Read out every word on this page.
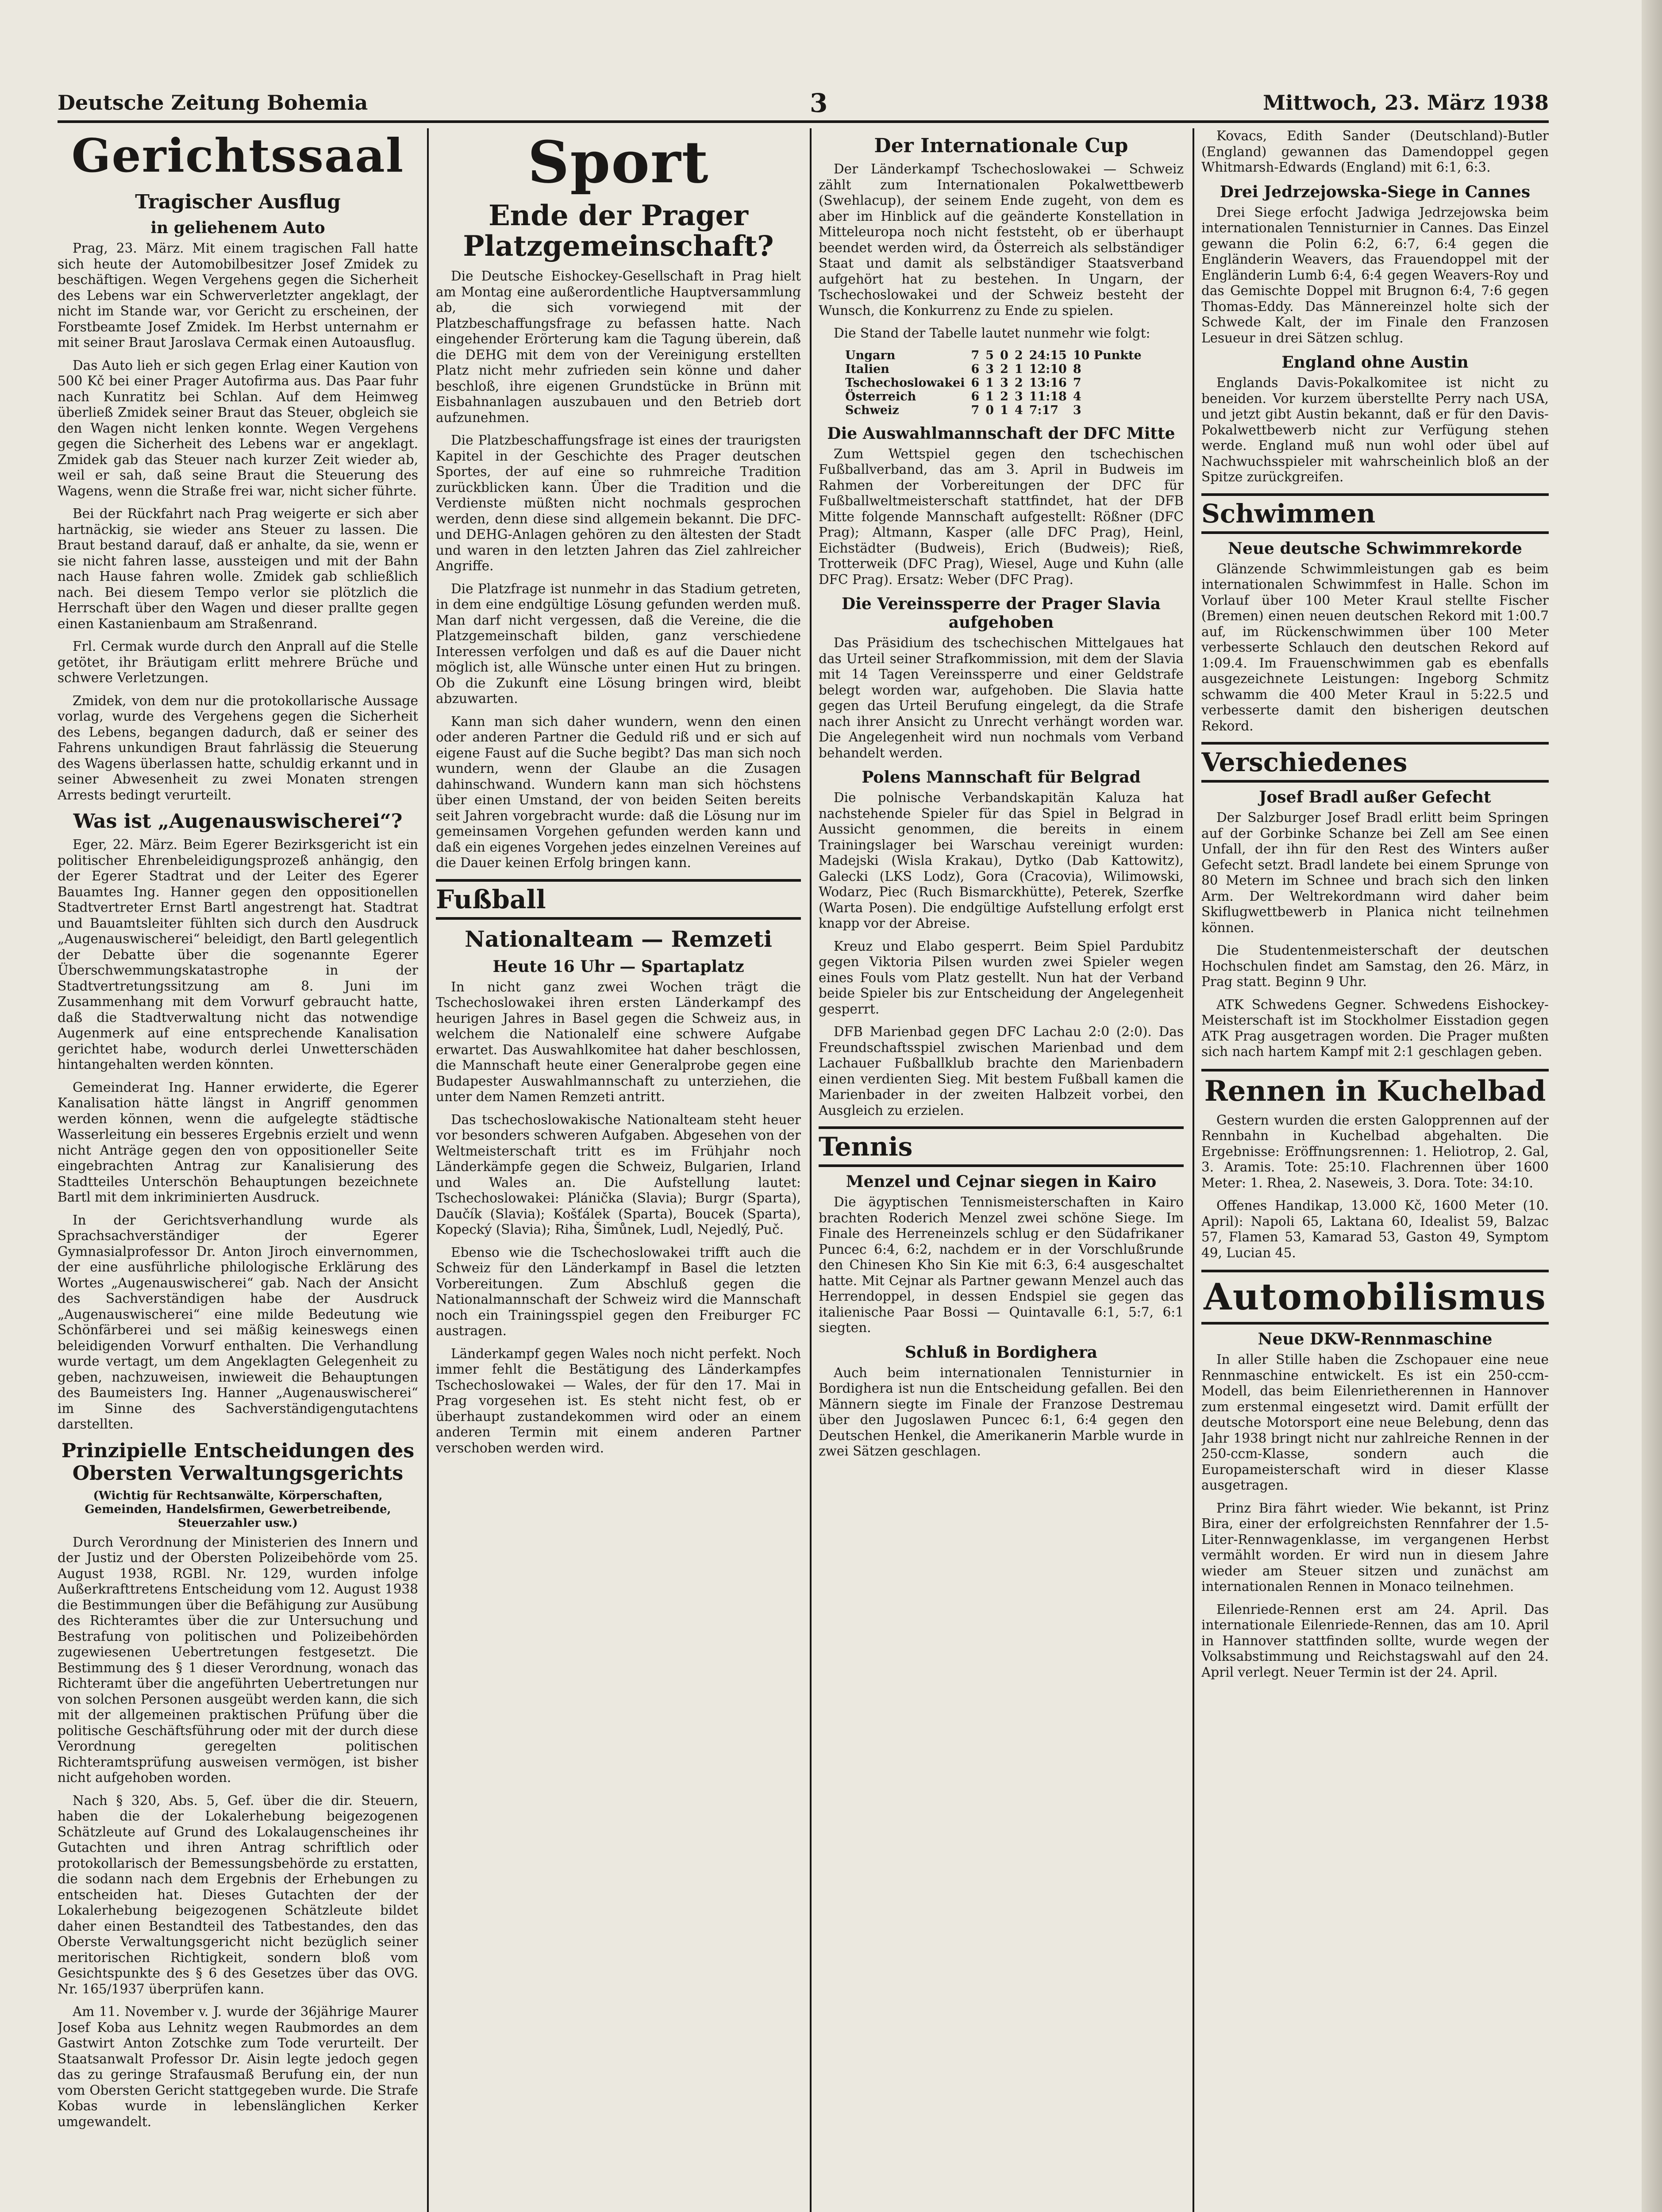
Deutsche Zeitung Bohemia	3	Mittwoch, 23. März 1938
Gerichtssaal
Tragischer Ausflug
in geliehenem Auto

Prag, 23. März. Mit einem tragischen Fall hatte sich heute der Automobilbesitzer Josef Zmidek zu beschäftigen. Wegen Vergehens gegen die Sicherheit des Lebens war ein Schwerverletzter angeklagt, der nicht im Stande war, vor Gericht zu erscheinen, der Forstbeamte Josef Zmidek. Im Herbst unternahm er mit seiner Braut Jaroslava Cermak einen Autoausflug.

Das Auto lieh er sich gegen Erlag einer Kaution von 500 Kč bei einer Prager Autofirma aus. Das Paar fuhr nach Kunratitz bei Schlan. Auf dem Heimweg überließ Zmidek seiner Braut das Steuer, obgleich sie den Wagen nicht lenken konnte. Wegen Vergehens gegen die Sicherheit des Lebens war er angeklagt. Zmidek gab das Steuer nach kurzer Zeit wieder ab, weil er sah, daß seine Braut die Steuerung des Wagens, wenn die Straße frei war, nicht sicher führte.

Bei der Rückfahrt nach Prag weigerte er sich aber hartnäckig, sie wieder ans Steuer zu lassen. Die Braut bestand darauf, daß er anhalte, da sie, wenn er sie nicht fahren lasse, aussteigen und mit der Bahn nach Hause fahren wolle. Zmidek gab schließlich nach. Bei diesem Tempo verlor sie plötzlich die Herrschaft über den Wagen und dieser prallte gegen einen Kastanienbaum am Straßenrand.

Frl. Cermak wurde durch den Anprall auf die Stelle getötet, ihr Bräutigam erlitt mehrere Brüche und schwere Verletzungen.

Zmidek, von dem nur die protokollarische Aussage vorlag, wurde des Vergehens gegen die Sicherheit des Lebens, begangen dadurch, daß er seiner des Fahrens unkundigen Braut fahrlässig die Steuerung des Wagens überlassen hatte, schuldig erkannt und in seiner Abwesenheit zu zwei Monaten strengen Arrests bedingt verurteilt.

Was ist „Augenauswischerei“?

Eger, 22. März. Beim Egerer Bezirksgericht ist ein politischer Ehrenbeleidigungsprozeß anhängig, den der Egerer Stadtrat und der Leiter des Egerer Bauamtes Ing. Hanner gegen den oppositionellen Stadtvertreter Ernst Bartl angestrengt hat. Stadtrat und Bauamtsleiter fühlten sich durch den Ausdruck „Augenauswischerei“ beleidigt, den Bartl gelegentlich der Debatte über die sogenannte Egerer Überschwemmungskatastrophe in der Stadtvertretungssitzung am 8. Juni im Zusammenhang mit dem Vorwurf gebraucht hatte, daß die Stadtverwaltung nicht das notwendige Augenmerk auf eine entsprechende Kanalisation gerichtet habe, wodurch derlei Unwetterschäden hintangehalten werden könnten.

Gemeinderat Ing. Hanner erwiderte, die Egerer Kanalisation hätte längst in Angriff genommen werden können, wenn die aufgelegte städtische Wasserleitung ein besseres Ergebnis erzielt und wenn nicht Anträge gegen den von oppositioneller Seite eingebrachten Antrag zur Kanalisierung des Stadtteiles Unterschön Behauptungen bezeichnete Bartl mit dem inkriminierten Ausdruck.

In der Gerichtsverhandlung wurde als Sprachsachverständiger der Egerer Gymnasialprofessor Dr. Anton Jiroch einvernommen, der eine ausführliche philologische Erklärung des Wortes „Augenauswischerei“ gab. Nach der Ansicht des Sachverständigen habe der Ausdruck „Augenauswischerei“ eine milde Bedeutung wie Schönfärberei und sei mäßig keineswegs einen beleidigenden Vorwurf enthalten. Die Verhandlung wurde vertagt, um dem Angeklagten Gelegenheit zu geben, nachzuweisen, inwieweit die Behauptungen des Baumeisters Ing. Hanner „Augenauswischerei“ im Sinne des Sachverständigengutachtens darstellten.

Prinzipielle Entscheidungen des Obersten Verwaltungsgerichts
(Wichtig für Rechtsanwälte, Körperschaften, Gemeinden, Handelsfirmen, Gewerbetreibende, Steuerzahler usw.)

Durch Verordnung der Ministerien des Innern und der Justiz und der Obersten Polizeibehörde vom 25. August 1938, RGBl. Nr. 129, wurden infolge Außerkrafttretens Entscheidung vom 12. August 1938 die Bestimmungen über die Befähigung zur Ausübung des Richteramtes über die zur Untersuchung und Bestrafung von politischen und Polizeibehörden zugewiesenen Uebertretungen festgesetzt. Die Bestimmung des § 1 dieser Verordnung, wonach das Richteramt über die angeführten Uebertretungen nur von solchen Personen ausgeübt werden kann, die sich mit der allgemeinen praktischen Prüfung über die politische Geschäftsführung oder mit der durch diese Verordnung geregelten politischen Richteramtsprüfung ausweisen vermögen, ist bisher nicht aufgehoben worden.

Nach § 320, Abs. 5, Gef. über die dir. Steuern, haben die der Lokalerhebung beigezogenen Schätzleute auf Grund des Lokalaugenscheines ihr Gutachten und ihren Antrag schriftlich oder protokollarisch der Bemessungsbehörde zu erstatten, die sodann nach dem Ergebnis der Erhebungen zu entscheiden hat. Dieses Gutachten der der Lokalerhebung beigezogenen Schätzleute bildet daher einen Bestandteil des Tatbestandes, den das Oberste Verwaltungsgericht nicht bezüglich seiner meritorischen Richtigkeit, sondern bloß vom Gesichtspunkte des § 6 des Gesetzes über das OVG. Nr. 165/1937 überprüfen kann.

Am 11. November v. J. wurde der 36jährige Maurer Josef Koba aus Lehnitz wegen Raubmordes an dem Gastwirt Anton Zotschke zum Tode verurteilt. Der Staatsanwalt Professor Dr. Aisin legte jedoch gegen das zu geringe Strafausmaß Berufung ein, der nun vom Obersten Gericht stattgegeben wurde. Die Strafe Kobas wurde in lebenslänglichen Kerker umgewandelt.

Sport
Ende der Prager Platzgemeinschaft?

Die Deutsche Eishockey-Gesellschaft in Prag hielt am Montag eine außerordentliche Hauptversammlung ab, die sich vorwiegend mit der Platzbeschaffungsfrage zu befassen hatte. Nach eingehender Erörterung kam die Tagung überein, daß die DEHG mit dem von der Vereinigung erstellten Platz nicht mehr zufrieden sein könne und daher beschloß, ihre eigenen Grundstücke in Brünn mit Eisbahnanlagen auszubauen und den Betrieb dort aufzunehmen.

Die Platzbeschaffungsfrage ist eines der traurigsten Kapitel in der Geschichte des Prager deutschen Sportes, der auf eine so ruhmreiche Tradition zurückblicken kann. Über die Tradition und die Verdienste müßten nicht nochmals gesprochen werden, denn diese sind allgemein bekannt. Die DFC- und DEHG-Anlagen gehören zu den ältesten der Stadt und waren in den letzten Jahren das Ziel zahlreicher Angriffe.

Die Platzfrage ist nunmehr in das Stadium getreten, in dem eine endgültige Lösung gefunden werden muß. Man darf nicht vergessen, daß die Vereine, die die Platzgemeinschaft bilden, ganz verschiedene Interessen verfolgen und daß es auf die Dauer nicht möglich ist, alle Wünsche unter einen Hut zu bringen. Ob die Zukunft eine Lösung bringen wird, bleibt abzuwarten.

Kann man sich daher wundern, wenn den einen oder anderen Partner die Geduld riß und er sich auf eigene Faust auf die Suche begibt? Das man sich noch wundern, wenn der Glaube an die Zusagen dahinschwand. Wundern kann man sich höchstens über einen Umstand, der von beiden Seiten bereits seit Jahren vorgebracht wurde: daß die Lösung nur im gemeinsamen Vorgehen gefunden werden kann und daß ein eigenes Vorgehen jedes einzelnen Vereines auf die Dauer keinen Erfolg bringen kann.

Fußball
Nationalteam — Remzeti
Heute 16 Uhr — Spartaplatz

In nicht ganz zwei Wochen trägt die Tschechoslowakei ihren ersten Länderkampf des heurigen Jahres in Basel gegen die Schweiz aus, in welchem die Nationalelf eine schwere Aufgabe erwartet. Das Auswahlkomitee hat daher beschlossen, die Mannschaft heute einer Generalprobe gegen eine Budapester Auswahlmannschaft zu unterziehen, die unter dem Namen Remzeti antritt.

Das tschechoslowakische Nationalteam steht heuer vor besonders schweren Aufgaben. Abgesehen von der Weltmeisterschaft tritt es im Frühjahr noch Länderkämpfe gegen die Schweiz, Bulgarien, Irland und Wales an. Die Aufstellung lautet: Tschechoslowakei: Plánička (Slavia); Burgr (Sparta), Daučík (Slavia); Košťálek (Sparta), Boucek (Sparta), Kopecký (Slavia); Riha, Šimůnek, Ludl, Nejedlý, Puč.

Ebenso wie die Tschechoslowakei trifft auch die Schweiz für den Länderkampf in Basel die letzten Vorbereitungen. Zum Abschluß gegen die Nationalmannschaft der Schweiz wird die Mannschaft noch ein Trainingsspiel gegen den Freiburger FC austragen.

Länderkampf gegen Wales noch nicht perfekt. Noch immer fehlt die Bestätigung des Länderkampfes Tschechoslowakei — Wales, der für den 17. Mai in Prag vorgesehen ist. Es steht nicht fest, ob er überhaupt zustandekommen wird oder an einem anderen Termin mit einem anderen Partner verschoben werden wird.

Der Internationale Cup

Der Länderkampf Tschechoslowakei — Schweiz zählt zum Internationalen Pokalwettbewerb (Swehlacup), der seinem Ende zugeht, von dem es aber im Hinblick auf die geänderte Konstellation in Mitteleuropa noch nicht feststeht, ob er überhaupt beendet werden wird, da Österreich als selbständiger Staat und damit als selbständiger Staatsverband aufgehört hat zu bestehen. In Ungarn, der Tschechoslowakei und der Schweiz besteht der Wunsch, die Konkurrenz zu Ende zu spielen.

Die Stand der Tabelle lautet nunmehr wie folgt:

Ungarn	7	5	0	2	24:15	10 Punkte
Italien	6	3	2	1	12:10	8
Tschechoslowakei	6	1	3	2	13:16	7
Österreich	6	1	2	3	11:18	4
Schweiz	7	0	1	4	7:17	3
Die Auswahlmannschaft der DFC Mitte

Zum Wettspiel gegen den tschechischen Fußballverband, das am 3. April in Budweis im Rahmen der Vorbereitungen der DFC für Fußballweltmeisterschaft stattfindet, hat der DFB Mitte folgende Mannschaft aufgestellt: Rößner (DFC Prag); Altmann, Kasper (alle DFC Prag), Heinl, Eichstädter (Budweis), Erich (Budweis); Rieß, Trotterweik (DFC Prag), Wiesel, Auge und Kuhn (alle DFC Prag). Ersatz: Weber (DFC Prag).

Die Vereinssperre der Prager Slavia aufgehoben

Das Präsidium des tschechischen Mittelgaues hat das Urteil seiner Strafkommission, mit dem der Slavia mit 14 Tagen Vereinssperre und einer Geldstrafe belegt worden war, aufgehoben. Die Slavia hatte gegen das Urteil Berufung eingelegt, da die Strafe nach ihrer Ansicht zu Unrecht verhängt worden war. Die Angelegenheit wird nun nochmals vom Verband behandelt werden.

Polens Mannschaft für Belgrad

Die polnische Verbandskapitän Kaluza hat nachstehende Spieler für das Spiel in Belgrad in Aussicht genommen, die bereits in einem Trainingslager bei Warschau vereinigt wurden: Madejski (Wisla Krakau), Dytko (Dab Kattowitz), Galecki (LKS Lodz), Gora (Cracovia), Wilimowski, Wodarz, Piec (Ruch Bismarckhütte), Peterek, Szerfke (Warta Posen). Die endgültige Aufstellung erfolgt erst knapp vor der Abreise.

Kreuz und Elabo gesperrt. Beim Spiel Pardubitz gegen Viktoria Pilsen wurden zwei Spieler wegen eines Fouls vom Platz gestellt. Nun hat der Verband beide Spieler bis zur Entscheidung der Angelegenheit gesperrt.

DFB Marienbad gegen DFC Lachau 2:0 (2:0). Das Freundschaftsspiel zwischen Marienbad und dem Lachauer Fußballklub brachte den Marienbadern einen verdienten Sieg. Mit bestem Fußball kamen die Marienbader in der zweiten Halbzeit vorbei, den Ausgleich zu erzielen.

Tennis
Menzel und Cejnar siegen in Kairo

Die ägyptischen Tennismeisterschaften in Kairo brachten Roderich Menzel zwei schöne Siege. Im Finale des Herreneinzels schlug er den Südafrikaner Puncec 6:4, 6:2, nachdem er in der Vorschlußrunde den Chinesen Kho Sin Kie mit 6:3, 6:4 ausgeschaltet hatte. Mit Cejnar als Partner gewann Menzel auch das Herrendoppel, in dessen Endspiel sie gegen das italienische Paar Bossi — Quintavalle 6:1, 5:7, 6:1 siegten.

Schluß in Bordighera

Auch beim internationalen Tennisturnier in Bordighera ist nun die Entscheidung gefallen. Bei den Männern siegte im Finale der Franzose Destremau über den Jugoslawen Puncec 6:1, 6:4 gegen den Deutschen Henkel, die Amerikanerin Marble wurde in zwei Sätzen geschlagen.

Kovacs, Edith Sander (Deutschland)-Butler (England) gewannen das Damendoppel gegen Whitmarsh-Edwards (England) mit 6:1, 6:3.

Drei Jedrzejowska-Siege in Cannes

Drei Siege erfocht Jadwiga Jedrzejowska beim internationalen Tennisturnier in Cannes. Das Einzel gewann die Polin 6:2, 6:7, 6:4 gegen die Engländerin Weavers, das Frauendoppel mit der Engländerin Lumb 6:4, 6:4 gegen Weavers-Roy und das Gemischte Doppel mit Brugnon 6:4, 7:6 gegen Thomas-Eddy. Das Männereinzel holte sich der Schwede Kalt, der im Finale den Franzosen Lesueur in drei Sätzen schlug.

England ohne Austin

Englands Davis-Pokalkomitee ist nicht zu beneiden. Vor kurzem überstellte Perry nach USA, und jetzt gibt Austin bekannt, daß er für den Davis-Pokalwettbewerb nicht zur Verfügung stehen werde. England muß nun wohl oder übel auf Nachwuchsspieler mit wahrscheinlich bloß an der Spitze zurückgreifen.

Schwimmen
Neue deutsche Schwimmrekorde

Glänzende Schwimmleistungen gab es beim internationalen Schwimmfest in Halle. Schon im Vorlauf über 100 Meter Kraul stellte Fischer (Bremen) einen neuen deutschen Rekord mit 1:00.7 auf, im Rückenschwimmen über 100 Meter verbesserte Schlauch den deutschen Rekord auf 1:09.4. Im Frauenschwimmen gab es ebenfalls ausgezeichnete Leistungen: Ingeborg Schmitz schwamm die 400 Meter Kraul in 5:22.5 und verbesserte damit den bisherigen deutschen Rekord.

Verschiedenes
Josef Bradl außer Gefecht

Der Salzburger Josef Bradl erlitt beim Springen auf der Gorbinke Schanze bei Zell am See einen Unfall, der ihn für den Rest des Winters außer Gefecht setzt. Bradl landete bei einem Sprunge von 80 Metern im Schnee und brach sich den linken Arm. Der Weltrekordmann wird daher beim Skiflugwettbewerb in Planica nicht teilnehmen können.

Die Studentenmeisterschaft der deutschen Hochschulen findet am Samstag, den 26. März, in Prag statt. Beginn 9 Uhr.

ATK Schwedens Gegner. Schwedens Eishockey-Meisterschaft ist im Stockholmer Eisstadion gegen ATK Prag ausgetragen worden. Die Prager mußten sich nach hartem Kampf mit 2:1 geschlagen geben.

Rennen in Kuchelbad

Gestern wurden die ersten Galopprennen auf der Rennbahn in Kuchelbad abgehalten. Die Ergebnisse: Eröffnungsrennen: 1. Heliotrop, 2. Gal, 3. Aramis. Tote: 25:10. Flachrennen über 1600 Meter: 1. Rhea, 2. Naseweis, 3. Dora. Tote: 34:10.

Offenes Handikap, 13.000 Kč, 1600 Meter (10. April): Napoli 65, Laktana 60, Idealist 59, Balzac 57, Flamen 53, Kamarad 53, Gaston 49, Symptom 49, Lucian 45.

Automobilismus
Neue DKW-Rennmaschine

In aller Stille haben die Zschopauer eine neue Rennmaschine entwickelt. Es ist ein 250-ccm-Modell, das beim Eilenrietherennen in Hannover zum erstenmal eingesetzt wird. Damit erfüllt der deutsche Motorsport eine neue Belebung, denn das Jahr 1938 bringt nicht nur zahlreiche Rennen in der 250-ccm-Klasse, sondern auch die Europameisterschaft wird in dieser Klasse ausgetragen.

Prinz Bira fährt wieder. Wie bekannt, ist Prinz Bira, einer der erfolgreichsten Rennfahrer der 1.5-Liter-Rennwagenklasse, im vergangenen Herbst vermählt worden. Er wird nun in diesem Jahre wieder am Steuer sitzen und zunächst am internationalen Rennen in Monaco teilnehmen.

Eilenriede-Rennen erst am 24. April. Das internationale Eilenriede-Rennen, das am 10. April in Hannover stattfinden sollte, wurde wegen der Volksabstimmung und Reichstagswahl auf den 24. April verlegt. Neuer Termin ist der 24. April.
